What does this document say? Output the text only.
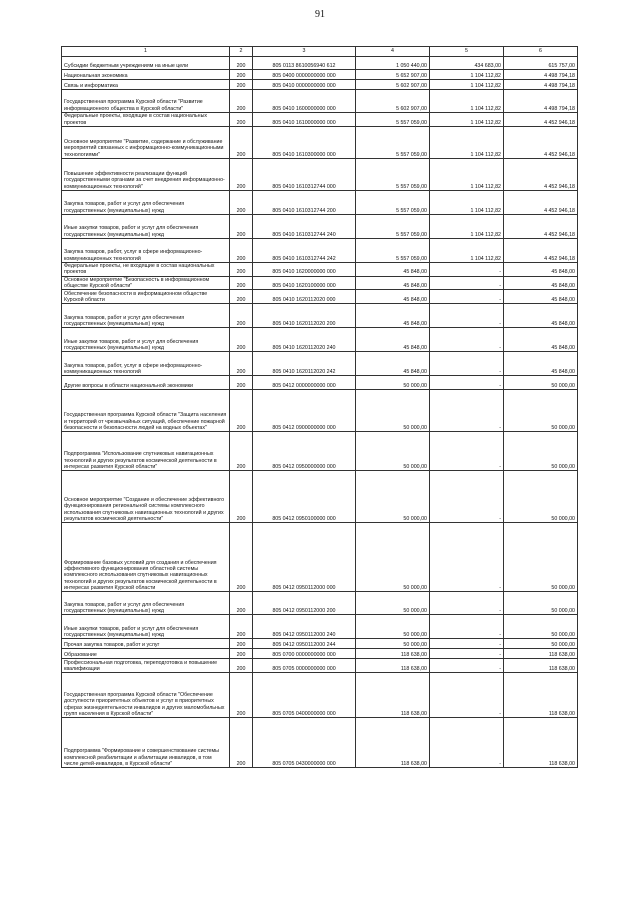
91
1	2	3	4	5	6
Субсидии бюджетным учреждениям на иные цели	200	805 0113 8610056940 612	1 050 440,00	434 683,00	615 757,00
Национальная экономика	200	805 0400 0000000000 000	5 652 907,00	1 104 112,82	4 498 794,18
Связь и информатика	200	805 0410 0000000000 000	5 602 907,00	1 104 112,82	4 498 794,18
Государственная программа Курской области "Развитие информационного общества в Курской области"	200	805 0410 1600000000 000	5 602 907,00	1 104 112,82	4 498 794,18
Федеральные проекты, входящие в состав национальных проектов	200	805 0410 1610000000 000	5 557 059,00	1 104 112,82	4 452 946,18
Основное мероприятие "Развитие, содержание и обслуживание мероприятий связанных с информационно-коммуникационными технологиями"	200	805 0410 1610300000 000	5 557 059,00	1 104 112,82	4 452 946,18
Повышение эффективности реализации функций государственными органами за счет внедрения информационно-коммуникационных технологий"	200	805 0410 1610312744 000	5 557 059,00	1 104 112,82	4 452 946,18
Закупка товаров, работ и услуг для обеспечения государственных (муниципальных) нужд	200	805 0410 1610312744 200	5 557 059,00	1 104 112,82	4 452 946,18
Иные закупки товаров, работ и услуг для обеспечения государственных (муниципальных) нужд	200	805 0410 1610312744 240	5 557 059,00	1 104 112,82	4 452 946,18
Закупка товаров, работ, услуг в сфере информационно-коммуникационных технологий	200	805 0410 1610312744 242	5 557 059,00	1 104 112,82	4 452 946,18
Федеральные проекты, не входящие в состав национальных проектов	200	805 0410 1620000000 000	45 848,00	-	45 848,00
Основное мероприятие "Безопасность в информационном обществе Курской области"	200	805 0410 1620100000 000	45 848,00	-	45 848,00
Обеспечение безопасности в информационном обществе Курской области	200	805 0410 1620112020 000	45 848,00	-	45 848,00
Закупка товаров, работ и услуг для обеспечения государственных (муниципальных) нужд	200	805 0410 1620112020 200	45 848,00	-	45 848,00
Иные закупки товаров, работ и услуг для обеспечения государственных (муниципальных) нужд	200	805 0410 1620112020 240	45 848,00	-	45 848,00
Закупка товаров, работ, услуг в сфере информационно-коммуникационных технологий	200	805 0410 1620112020 242	45 848,00	-	45 848,00
Другие вопросы в области национальной экономики	200	805 0412 0000000000 000	50 000,00	-	50 000,00
Государственная программа Курской области "Защита населения и территорий от чрезвычайных ситуаций, обеспечение пожарной безопасности и безопасности людей на водных объектах"	200	805 0412 0900000000 000	50 000,00	-	50 000,00
Подпрограмма "Использование спутниковых навигационных технологий и других результатов космической деятельности в интересах развития Курской области"	200	805 0412 0950000000 000	50 000,00	-	50 000,00
Основное мероприятие "Создание и обеспечение эффективного функционирования региональной системы комплексного использования спутниковых навигационных технологий и других результатов космической деятельности"	200	805 0412 0950100000 000	50 000,00	-	50 000,00
Формирование базовых условий для создания и обеспечения эффективного функционирования областной системы комплексного использования спутниковых навигационных технологий и других результатов космической деятельности в интересах развития Курской области	200	805 0412 0950112000 000	50 000,00	-	50 000,00
Закупка товаров, работ и услуг для обеспечения государственных (муниципальных) нужд	200	805 0412 0950112000 200	50 000,00	-	50 000,00
Иные закупки товаров, работ и услуг для обеспечения государственных (муниципальных) нужд	200	805 0412 0950112000 240	50 000,00	-	50 000,00
Прочая закупка товаров, работ и услуг	200	805 0412 0950112000 244	50 000,00	-	50 000,00
Образование	200	805 0700 0000000000 000	118 638,00	-	118 638,00
Профессиональная подготовка, переподготовка и повышение квалификации	200	805 0705 0000000000 000	118 638,00	-	118 638,00
Государственная программа Курской области "Обеспечение доступности приоритетных объектов и услуг в приоритетных сферах жизнедеятельности инвалидов и других маломобильных групп населения в Курской области"	200	805 0705 0400000000 000	118 638,00	-	118 638,00
Подпрограмма "Формирование и совершенствование системы комплексной реабилитации и абилитации инвалидов, в том числе детей-инвалидов, в Курской области"	200	805 0705 0430000000 000	118 638,00	-	118 638,00
